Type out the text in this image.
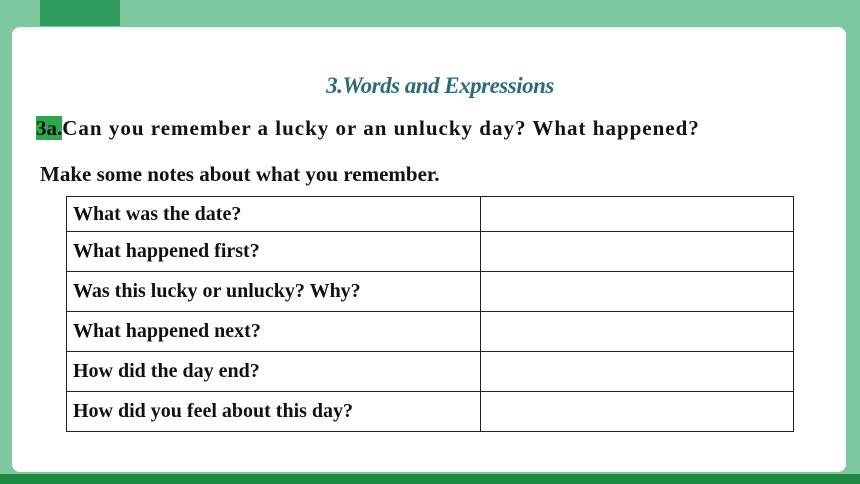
3.Words and Expressions
3a.Can you remember a lucky or an unlucky day? What happened?
Make some notes about what you remember.
What was the date?	
What happened first?	
Was this lucky or unlucky? Why?	
What happened next?	
How did the day end?	
How did you feel about this day?	
